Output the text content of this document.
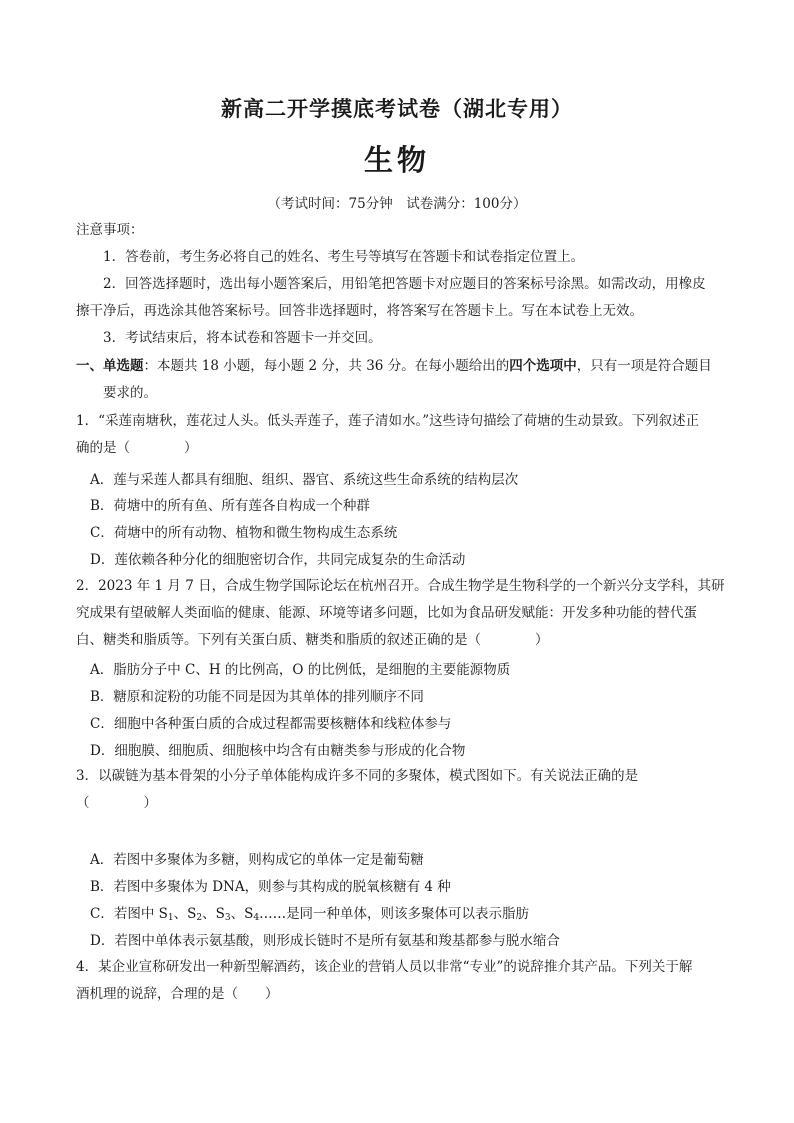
新高二开学摸底考试卷（湖北专用）
生物
（考试时间：75分钟　试卷满分：100分）
注意事项：
1．答卷前，考生务必将自己的姓名、考生号等填写在答题卡和试卷指定位置上。
2．回答选择题时，选出每小题答案后，用铅笔把答题卡对应题目的答案标号涂黑。如需改动，用橡皮
擦干净后，再选涂其他答案标号。回答非选择题时，将答案写在答题卡上。写在本试卷上无效。
3．考试结束后，将本试卷和答题卡一并交回。
一、单选题：本题共 18 小题，每小题 2 分，共 36 分。在每小题给出的四个选项中，只有一项是符合题目
要求的。
1．“采莲南塘秋，莲花过人头。低头弄莲子，莲子清如水。”这些诗句描绘了荷塘的生动景致。下列叙述正
确的是（　　　　）
A．莲与采莲人都具有细胞、组织、器官、系统这些生命系统的结构层次
B．荷塘中的所有鱼、所有莲各自构成一个种群
C．荷塘中的所有动物、植物和微生物构成生态系统
D．莲依赖各种分化的细胞密切合作，共同完成复杂的生命活动
2．2023 年 1 月 7 日，合成生物学国际论坛在杭州召开。合成生物学是生物科学的一个新兴分支学科，其研
究成果有望破解人类面临的健康、能源、环境等诸多问题，比如为食品研发赋能：开发多种功能的替代蛋
白、糖类和脂质等。下列有关蛋白质、糖类和脂质的叙述正确的是（　　　　）
A．脂肪分子中 C、H 的比例高，O 的比例低，是细胞的主要能源物质
B．糖原和淀粉的功能不同是因为其单体的排列顺序不同
C．细胞中各种蛋白质的合成过程都需要核糖体和线粒体参与
D．细胞膜、细胞质、细胞核中均含有由糖类参与形成的化合物
3．以碳链为基本骨架的小分子单体能构成许多不同的多聚体，模式图如下。有关说法正确的是
（　　　　）
A．若图中多聚体为多糖，则构成它的单体一定是葡萄糖
B．若图中多聚体为 DNA，则参与其构成的脱氧核糖有 4 种
C．若图中 $S_1$、$S_2$、$S_3$、$S_4\dots\dots$是同一种单体，则该多聚体可以表示脂肪
D．若图中单体表示氨基酸，则形成长链时不是所有氨基和羧基都参与脱水缩合
4．某企业宣称研发出一种新型解酒药，该企业的营销人员以非常“专业”的说辞推介其产品。下列关于解
酒机理的说辞，合理的是（　　）
